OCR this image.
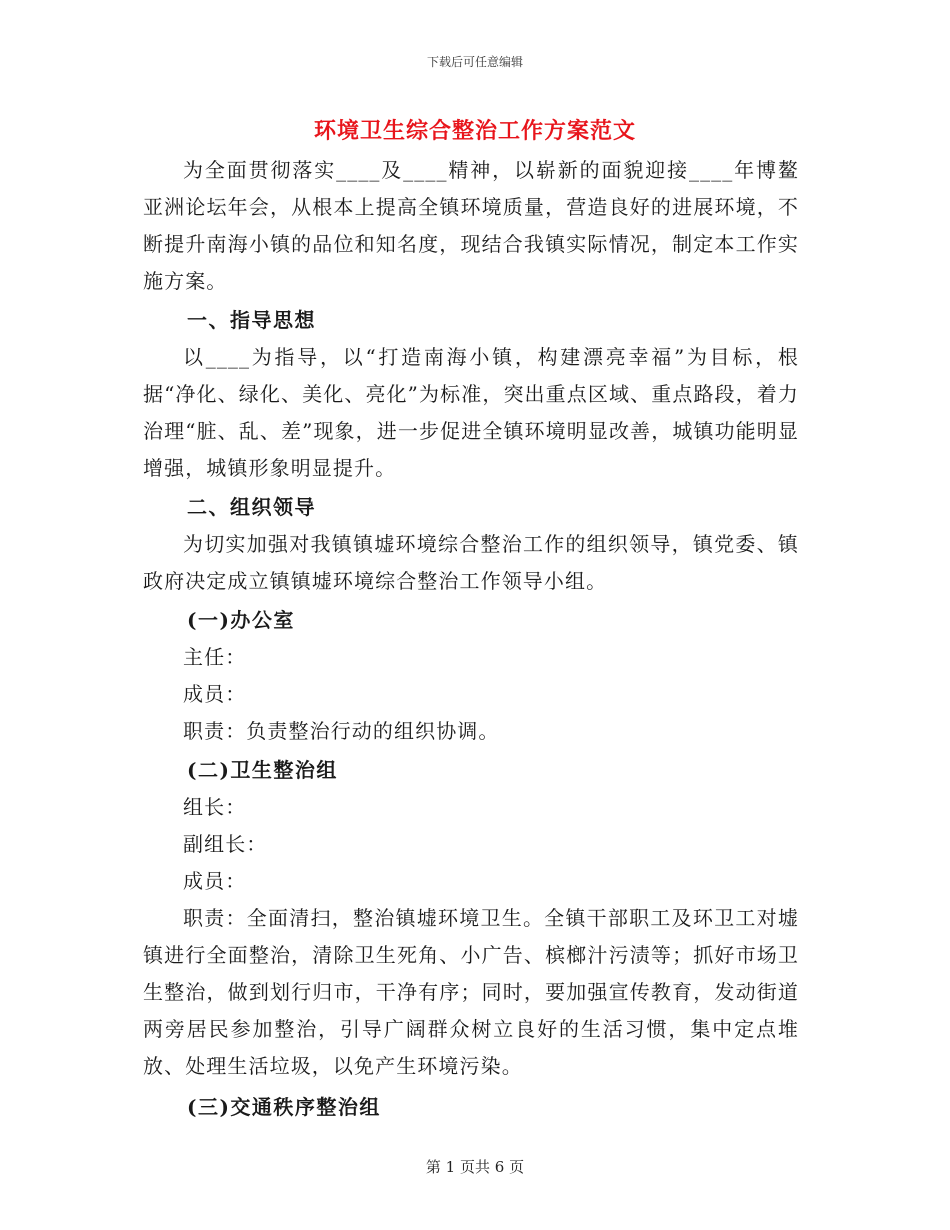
下载后可任意编辑
环境卫生综合整治工作方案范文

为全面贯彻落实____及____精神，以崭新的面貌迎接____年博鳌亚洲论坛年会，从根本上提高全镇环境质量，营造良好的进展环境，不断提升南海小镇的品位和知名度，现结合我镇实际情况，制定本工作实施方案。

一、指导思想

以____为指导，以“打造南海小镇，构建漂亮幸福”为目标，根据“净化、绿化、美化、亮化”为标准，突出重点区域、重点路段，着力治理“脏、乱、差”现象，进一步促进全镇环境明显改善，城镇功能明显增强，城镇形象明显提升。

二、组织领导

为切实加强对我镇镇墟环境综合整治工作的组织领导，镇党委、镇政府决定成立镇镇墟环境综合整治工作领导小组。

(一)办公室

主任：

成员：

职责：负责整治行动的组织协调。

(二)卫生整治组

组长：

副组长：

成员：

职责：全面清扫，整治镇墟环境卫生。全镇干部职工及环卫工对墟镇进行全面整治，清除卫生死角、小广告、槟榔汁污渍等；抓好市场卫生整治，做到划行归市，干净有序；同时，要加强宣传教育，发动街道两旁居民参加整治，引导广阔群众树立良好的生活习惯，集中定点堆放、处理生活垃圾，以免产生环境污染。

(三)交通秩序整治组

第 1 页共 6 页
